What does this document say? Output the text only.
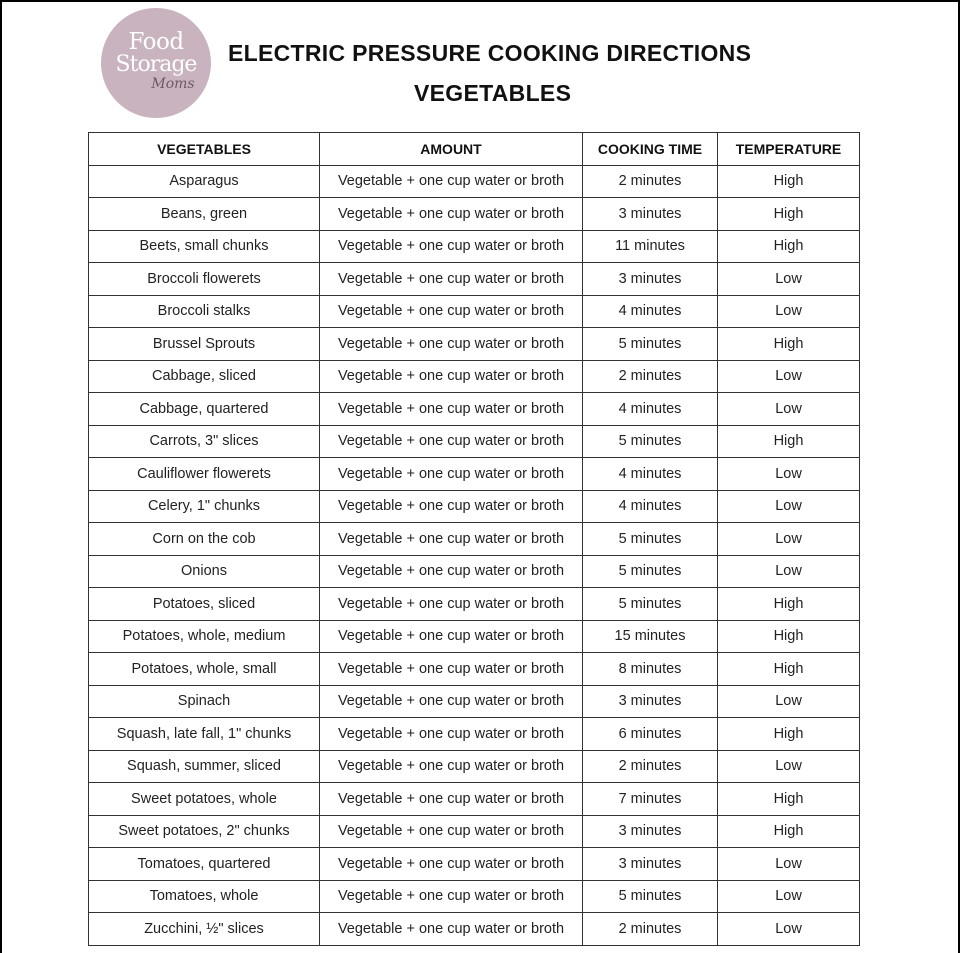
Food
Storage
Moms
ELECTRIC PRESSURE COOKING DIRECTIONS
VEGETABLES
VEGETABLES	AMOUNT	COOKING TIME	TEMPERATURE
Asparagus	Vegetable + one cup water or broth	2 minutes	High
Beans, green	Vegetable + one cup water or broth	3 minutes	High
Beets, small chunks	Vegetable + one cup water or broth	11 minutes	High
Broccoli flowerets	Vegetable + one cup water or broth	3 minutes	Low
Broccoli stalks	Vegetable + one cup water or broth	4 minutes	Low
Brussel Sprouts	Vegetable + one cup water or broth	5 minutes	High
Cabbage, sliced	Vegetable + one cup water or broth	2 minutes	Low
Cabbage, quartered	Vegetable + one cup water or broth	4 minutes	Low
Carrots, 3" slices	Vegetable + one cup water or broth	5 minutes	High
Cauliflower flowerets	Vegetable + one cup water or broth	4 minutes	Low
Celery, 1" chunks	Vegetable + one cup water or broth	4 minutes	Low
Corn on the cob	Vegetable + one cup water or broth	5 minutes	Low
Onions	Vegetable + one cup water or broth	5 minutes	Low
Potatoes, sliced	Vegetable + one cup water or broth	5 minutes	High
Potatoes, whole, medium	Vegetable + one cup water or broth	15 minutes	High
Potatoes, whole, small	Vegetable + one cup water or broth	8 minutes	High
Spinach	Vegetable + one cup water or broth	3 minutes	Low
Squash, late fall, 1" chunks	Vegetable + one cup water or broth	6 minutes	High
Squash, summer, sliced	Vegetable + one cup water or broth	2 minutes	Low
Sweet potatoes, whole	Vegetable + one cup water or broth	7 minutes	High
Sweet potatoes, 2" chunks	Vegetable + one cup water or broth	3 minutes	High
Tomatoes, quartered	Vegetable + one cup water or broth	3 minutes	Low
Tomatoes, whole	Vegetable + one cup water or broth	5 minutes	Low
Zucchini, ½" slices	Vegetable + one cup water or broth	2 minutes	Low
